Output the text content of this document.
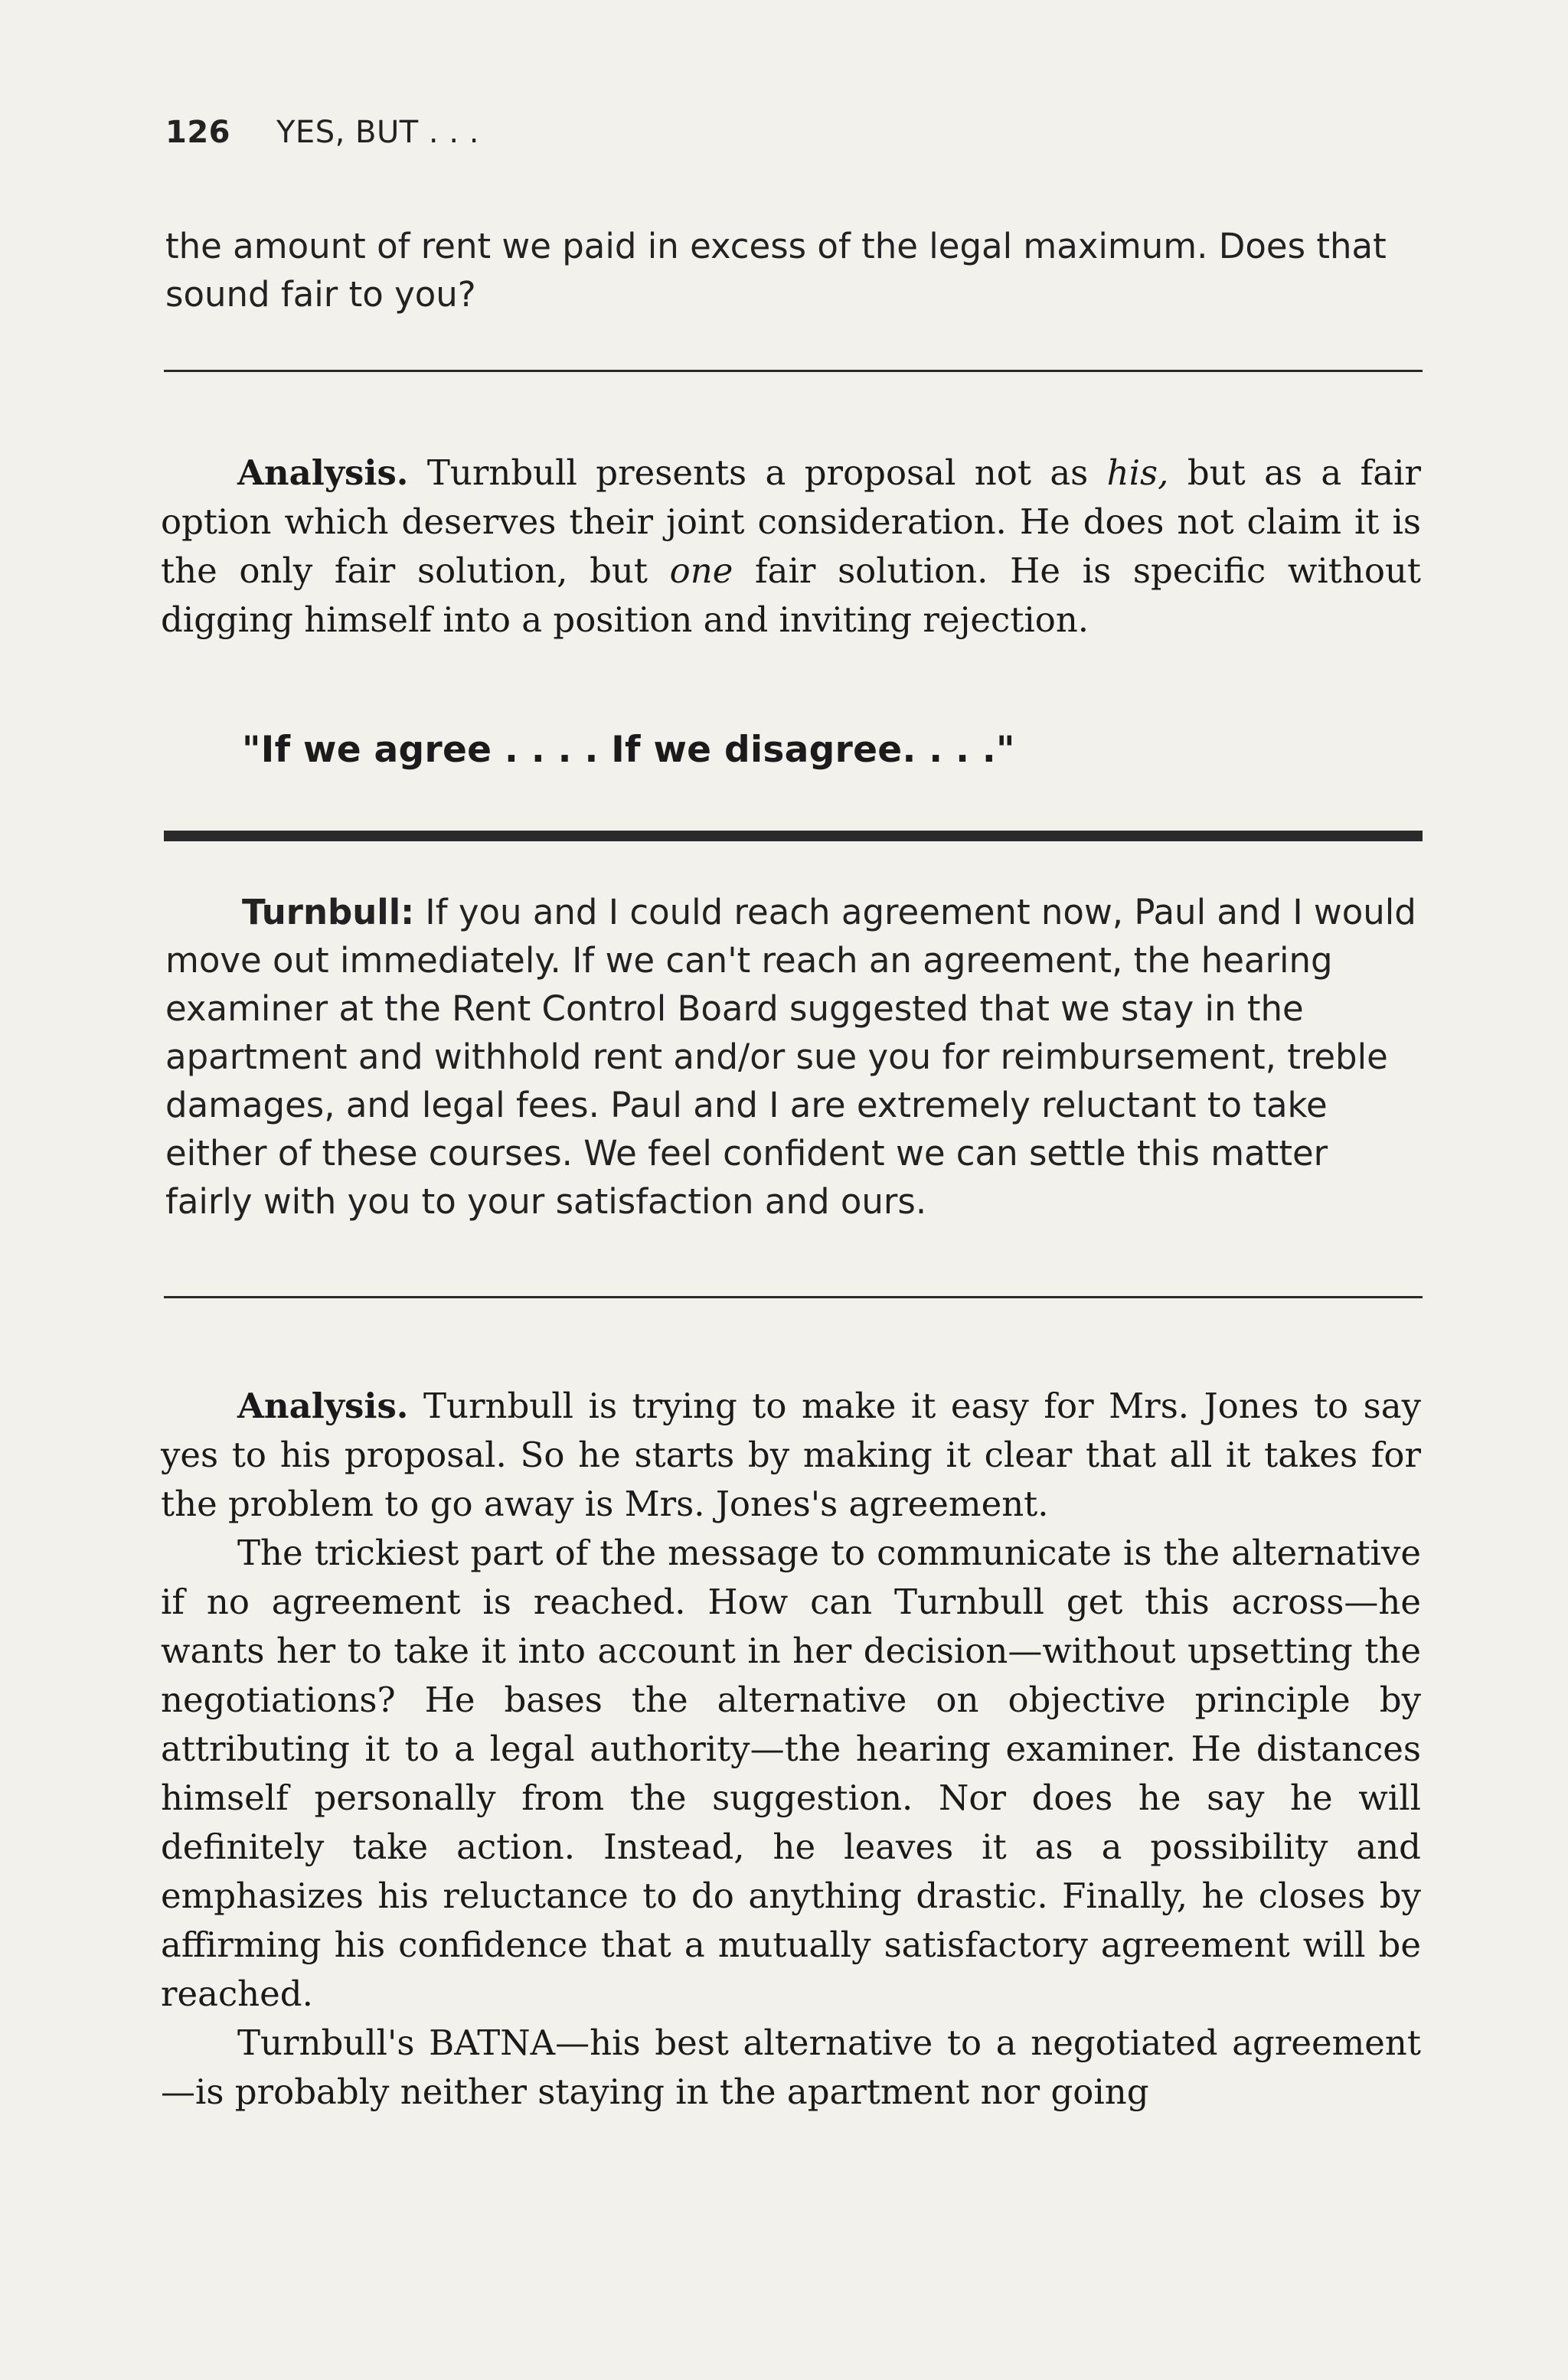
126 YES, BUT . . .

the amount of rent we paid in excess of the legal maximum. Does that sound fair to you?

Analysis. Turnbull presents a proposal not as his, but as a fair option which deserves their joint consideration. He does not claim it is the only fair solution, but one fair solution. He is specific without digging himself into a position and inviting rejection.

"If we agree . . . . If we disagree. . . ."

Turnbull: If you and I could reach agreement now, Paul and I would move out immediately. If we can't reach an agreement, the hearing examiner at the Rent Control Board suggested that we stay in the apartment and withhold rent and/or sue you for reimbursement, treble damages, and legal fees. Paul and I are extremely reluctant to take either of these courses. We feel confident we can settle this matter fairly with you to your satisfaction and ours.

Analysis. Turnbull is trying to make it easy for Mrs. Jones to say yes to his proposal. So he starts by making it clear that all it takes for the problem to go away is Mrs. Jones's agreement.

The trickiest part of the message to communicate is the alternative if no agreement is reached. How can Turnbull get this across—he wants her to take it into account in her decision—without upsetting the negotiations? He bases the alternative on objective principle by attributing it to a legal authority—the hearing examiner. He distances himself personally from the suggestion. Nor does he say he will definitely take action. Instead, he leaves it as a possibility and emphasizes his reluctance to do anything drastic. Finally, he closes by affirming his confidence that a mutually satisfactory agreement will be reached.

Turnbull's BATNA—his best alternative to a negotiated agreement—is probably neither staying in the apartment nor going
